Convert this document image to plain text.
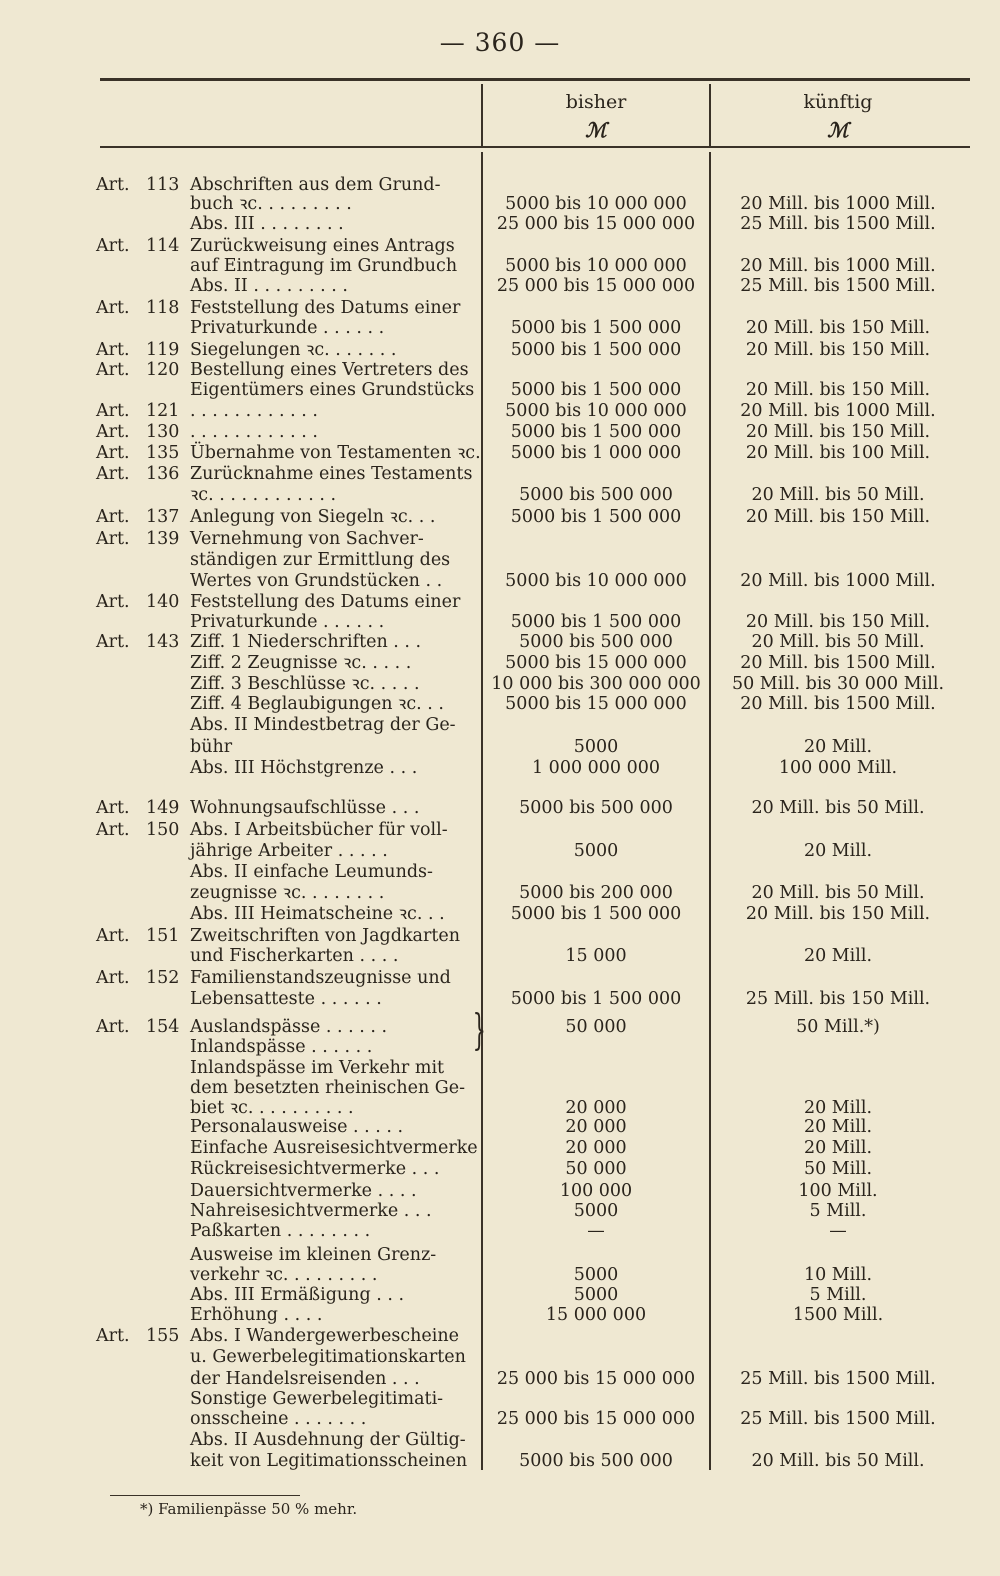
— 360 —
bisher
ℳ
künftig
ℳ
Art. 113 Abschriften aus dem Grund-
buch ꝛc. . . . . . . . .	5000 bis 10 000 000	20 Mill. bis 1000 Mill.
Abs. III . . . . . . . .	25 000 bis 15 000 000	25 Mill. bis 1500 Mill.
Art. 114 Zurückweisung eines Antrags
auf Eintragung im Grundbuch	5000 bis 10 000 000	20 Mill. bis 1000 Mill.
Abs. II . . . . . . . . .	25 000 bis 15 000 000	25 Mill. bis 1500 Mill.
Art. 118 Feststellung des Datums einer
Privaturkunde . . . . . .	5000 bis 1 500 000	20 Mill. bis 150 Mill.
Art. 119 Siegelungen ꝛc. . . . . . .	5000 bis 1 500 000	20 Mill. bis 150 Mill.
Art. 120 Bestellung eines Vertreters des
Eigentümers eines Grundstücks	5000 bis 1 500 000	20 Mill. bis 150 Mill.
Art. 121 . . . . . . . . . . . .	5000 bis 10 000 000	20 Mill. bis 1000 Mill.
Art. 130 . . . . . . . . . . . .	5000 bis 1 500 000	20 Mill. bis 150 Mill.
Art. 135 Übernahme von Testamenten ꝛc.	5000 bis 1 000 000	20 Mill. bis 100 Mill.
Art. 136 Zurücknahme eines Testaments
ꝛc. . . . . . . . . . . .	5000 bis 500 000	20 Mill. bis 50 Mill.
Art. 137 Anlegung von Siegeln ꝛc. . .	5000 bis 1 500 000	20 Mill. bis 150 Mill.
Art. 139 Vernehmung von Sachver-
ständigen zur Ermittlung des
Wertes von Grundstücken . .	5000 bis 10 000 000	20 Mill. bis 1000 Mill.
Art. 140 Feststellung des Datums einer
Privaturkunde . . . . . .	5000 bis 1 500 000	20 Mill. bis 150 Mill.
Art. 143 Ziff. 1 Niederschriften . . .	5000 bis 500 000	20 Mill. bis 50 Mill.
Ziff. 2 Zeugnisse ꝛc. . . . .	5000 bis 15 000 000	20 Mill. bis 1500 Mill.
Ziff. 3 Beschlüsse ꝛc. . . . .	10 000 bis 300 000 000	50 Mill. bis 30 000 Mill.
Ziff. 4 Beglaubigungen ꝛc. . .	5000 bis 15 000 000	20 Mill. bis 1500 Mill.
Abs. II Mindestbetrag der Ge-
bühr	5000	20 Mill.
Abs. III Höchstgrenze . . .	1 000 000 000	100 000 Mill.
Art. 149 Wohnungsaufschlüsse . . .	5000 bis 500 000	20 Mill. bis 50 Mill.
Art. 150 Abs. I Arbeitsbücher für voll-
jährige Arbeiter . . . . .	5000	20 Mill.
Abs. II einfache Leumunds-
zeugnisse ꝛc. . . . . . . .	5000 bis 200 000	20 Mill. bis 50 Mill.
Abs. III Heimatscheine ꝛc. . .	5000 bis 1 500 000	20 Mill. bis 150 Mill.
Art. 151 Zweitschriften von Jagdkarten
und Fischerkarten . . . .	15 000	20 Mill.
Art. 152 Familienstandszeugnisse und
Lebensatteste . . . . . .	5000 bis 1 500 000	25 Mill. bis 150 Mill.
Art. 154 Auslandspässe . . . . . .	50 000	50 Mill.*)
Inlandspässe . . . . . .
Inlandspässe im Verkehr mit
dem besetzten rheinischen Ge-
biet ꝛc. . . . . . . . . .	20 000	20 Mill.
Personalausweise . . . . .	20 000	20 Mill.
Einfache Ausreisesichtvermerke	20 000	20 Mill.
Rückreisesichtvermerke . . .	50 000	50 Mill.
Dauersichtvermerke . . . .	100 000	100 Mill.
Nahreisesichtvermerke . . .	5000	5 Mill.
Paßkarten . . . . . . . .	—	—
Ausweise im kleinen Grenz-
verkehr ꝛc. . . . . . . . .	5000	10 Mill.
Abs. III Ermäßigung . . .	5000	5 Mill.
Erhöhung . . . .	15 000 000	1500 Mill.
Art. 155 Abs. I Wandergewerbescheine
u. Gewerbelegitimationskarten
der Handelsreisenden . . .	25 000 bis 15 000 000	25 Mill. bis 1500 Mill.
Sonstige Gewerbelegitimati-
onsscheine . . . . . . .	25 000 bis 15 000 000	25 Mill. bis 1500 Mill.
Abs. II Ausdehnung der Gültig-
keit von Legitimationsscheinen	5000 bis 500 000	20 Mill. bis 50 Mill.
}
*) Familienpässe 50 % mehr.
